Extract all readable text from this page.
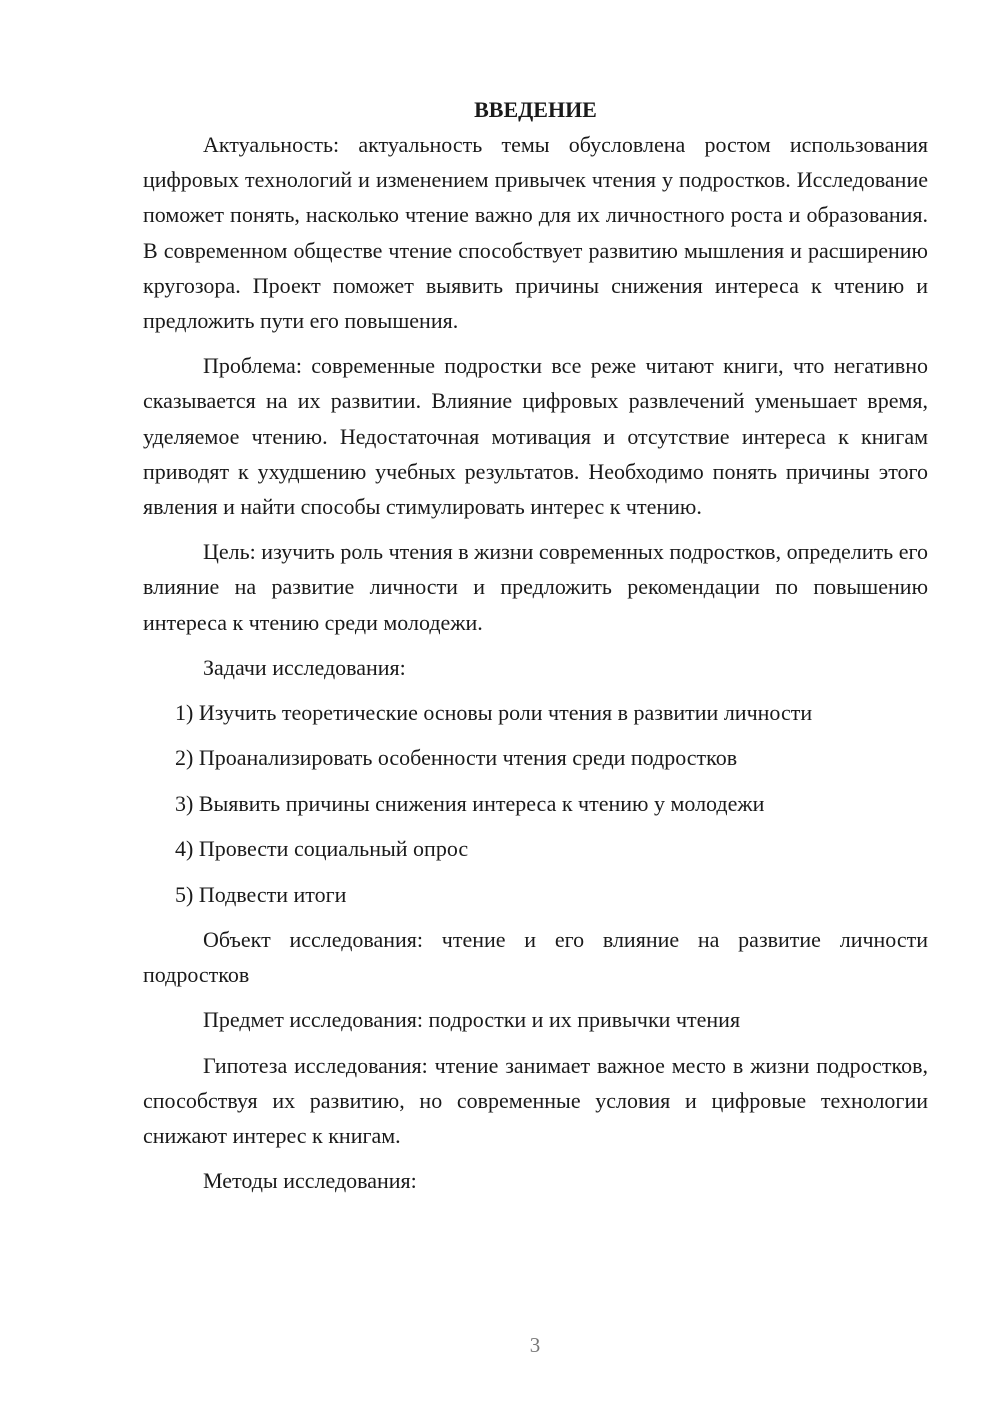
ВВЕДЕНИЕ

Актуальность: актуальность темы обусловлена ростом использования цифровых технологий и изменением привычек чтения у подростков. Исследование поможет понять, насколько чтение важно для их личностного роста и образования. В современном обществе чтение способствует развитию мышления и расширению кругозора. Проект поможет выявить причины снижения интереса к чтению и предложить пути его повышения.

Проблема: современные подростки все реже читают книги, что негативно сказывается на их развитии. Влияние цифровых развлечений уменьшает время, уделяемое чтению. Недостаточная мотивация и отсутствие интереса к книгам приводят к ухудшению учебных результатов. Необходимо понять причины этого явления и найти способы стимулировать интерес к чтению.

Цель: изучить роль чтения в жизни современных подростков, определить его влияние на развитие личности и предложить рекомендации по повышению интереса к чтению среди молодежи.

Задачи исследования:

1) Изучить теоретические основы роли чтения в развитии личности
2) Проанализировать особенности чтения среди подростков
3) Выявить причины снижения интереса к чтению у молодежи
4) Провести социальный опрос
5) Подвести итоги

Объект исследования: чтение и его влияние на развитие личности подростков

Предмет исследования: подростки и их привычки чтения

Гипотеза исследования: чтение занимает важное место в жизни подростков, способствуя их развитию, но современные условия и цифровые технологии снижают интерес к книгам.

Методы исследования:

3
